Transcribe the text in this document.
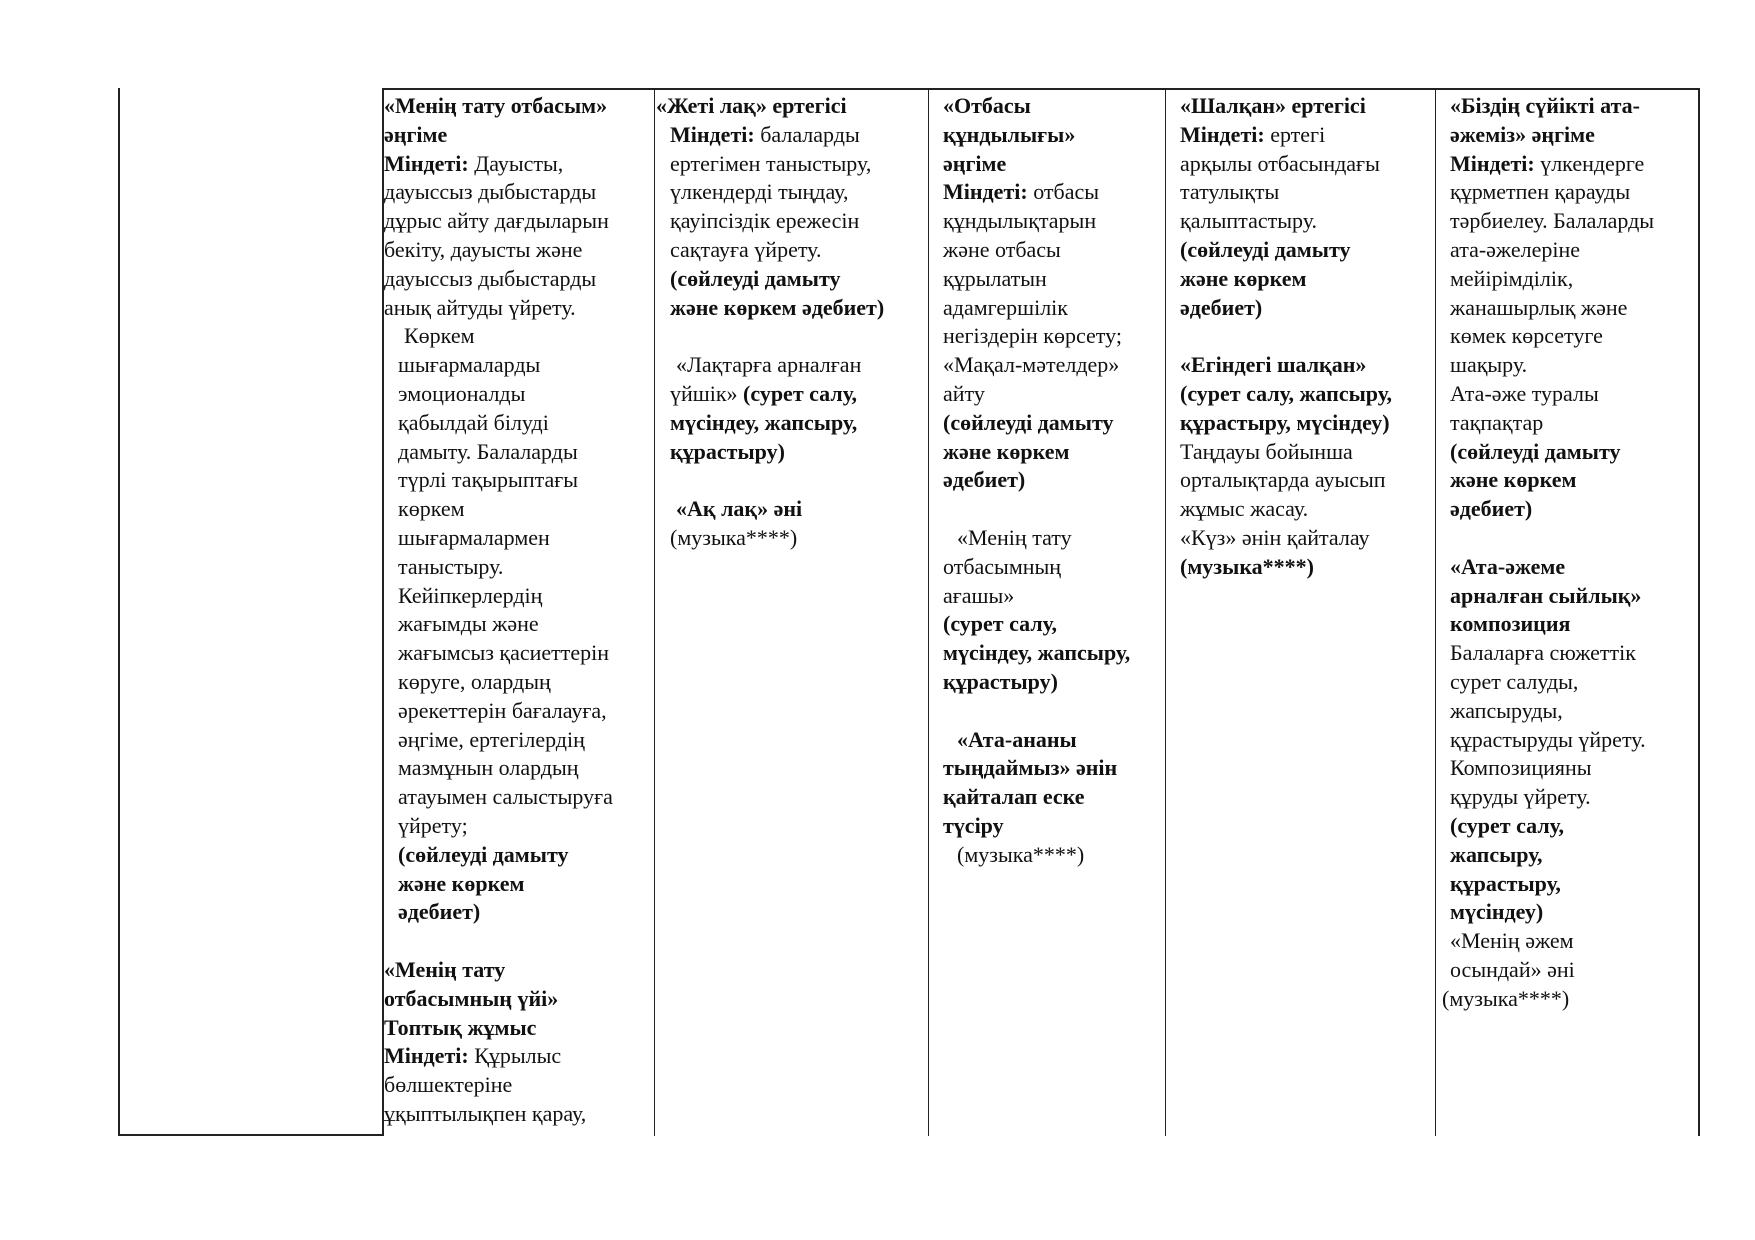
«Менің тату отбасым»

әңгіме

Міндеті: Дауысты,

дауыссыз дыбыстарды

дұрыс айту дағдыларын

бекіту, дауысты және

дауыссыз дыбыстарды

анық айтуды үйрету.

Көркем

шығармаларды

эмоционалды

қабылдай білуді

дамыту. Балаларды

түрлі тақырыптағы

көркем

шығармалармен

таныстыру.

Кейіпкерлердің

жағымды және

жағымсыз қасиеттерін

көруге, олардың

әрекеттерін бағалауға,

әңгіме, ертегілердің

мазмұнын олардың

атауымен салыстыруға

үйрету;

(сөйлеуді дамыту

және көркем

әдебиет)

«Менің тату

отбасымның үйі»

Топтық жұмыс

Міндеті: Құрылыс

бөлшектеріне

ұқыптылықпен қарау,

«Жеті лақ» ертегісі

Міндеті: балаларды

ертегімен таныстыру,

үлкендерді тыңдау,

қауіпсіздік ережесін

сақтауға үйрету.

(сөйлеуді дамыту

және көркем әдебиет)

«Лақтарға арналған

үйшік» (сурет салу,

мүсіндеу, жапсыру,

құрастыру)

«Ақ лақ» әні

(музыка****)

«Отбасы

құндылығы»

әңгіме

Міндеті: отбасы

құндылықтарын

және отбасы

құрылатын

адамгершілік

негіздерін көрсету;

«Мақал-мәтелдер»

айту

(сөйлеуді дамыту

және көркем

әдебиет)

«Менің тату

отбасымның

ағашы»

(сурет салу,

мүсіндеу, жапсыру,

құрастыру)

«Ата-ананы

тыңдаймыз» әнін

қайталап еске

түсіру

(музыка****)

«Шалқан» ертегісі

Міндеті: ертегі

арқылы отбасындағы

татулықты

қалыптастыру.

(сөйлеуді дамыту

және көркем

әдебиет)

«Егіндегі шалқан»

(сурет салу, жапсыру,

құрастыру, мүсіндеу)

Таңдауы бойынша

орталықтарда ауысып

жұмыс жасау.

«Күз» әнін қайталау

(музыка****)

«Біздің сүйікті ата-

әжеміз» әңгіме

Міндеті: үлкендерге

құрметпен қарауды

тәрбиелеу. Балаларды

ата-әжелеріне

мейірімділік,

жанашырлық және

көмек көрсетуге

шақыру.

Ата-әже туралы

тақпақтар

(сөйлеуді дамыту

және көркем

әдебиет)

«Ата-әжеме

арналған сыйлық»

композиция

Балаларға сюжеттік

сурет салуды,

жапсыруды,

құрастыруды үйрету.

Композицияны

құруды үйрету.

(сурет салу,

жапсыру,

құрастыру,

мүсіндеу)

«Менің әжем

осындай» әні

(музыка****)
